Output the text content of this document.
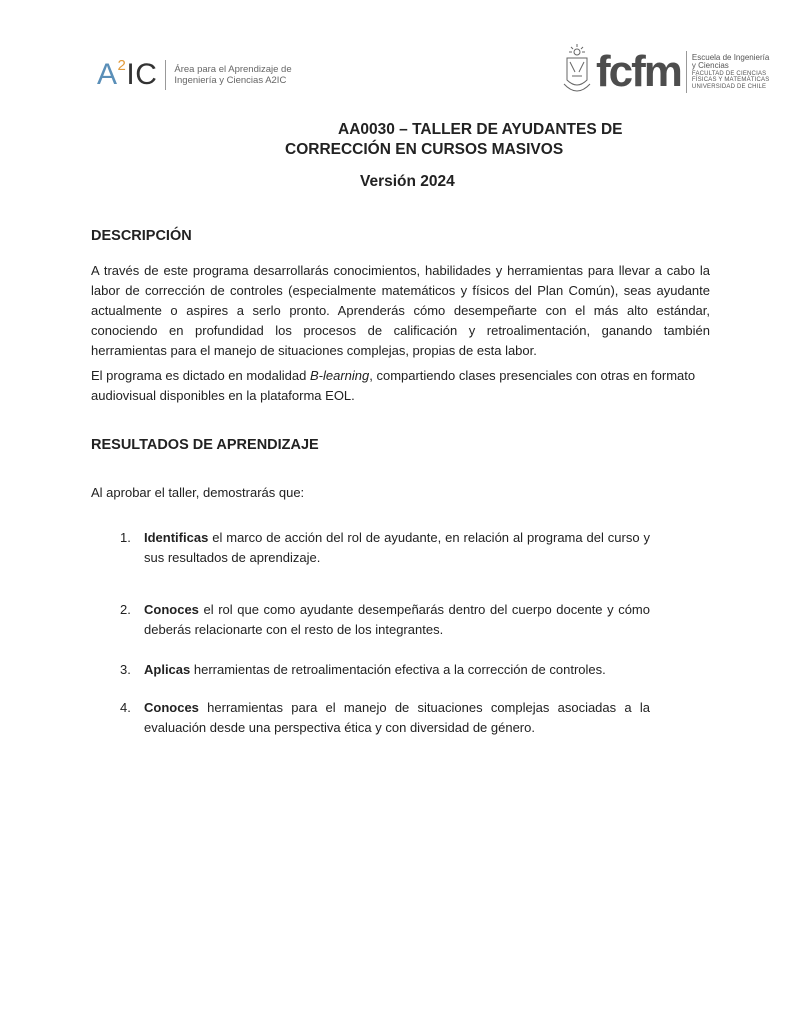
$A^2IC$ Área para el Aprendizaje de
Ingeniería y Ciencias A2IC	fcfm Escuela de Ingeniería
y Ciencias
FACULTAD DE CIENCIAS
FÍSICAS Y MATEMÁTICAS
UNIVERSIDAD DE CHILE
AA0030 – TALLER DE AYUDANTES DE
CORRECCIÓN EN CURSOS MASIVOS
Versión 2024
DESCRIPCIÓN
A través de este programa desarrollarás conocimientos, habilidades y herramientas para llevar a cabo la labor de corrección de controles (especialmente matemáticos y físicos del Plan Común), seas ayudante actualmente o aspires a serlo pronto. Aprenderás cómo desempeñarte con el más alto estándar, conociendo en profundidad los procesos de calificación y retroalimentación, ganando también herramientas para el manejo de situaciones complejas, propias de esta labor.
El programa es dictado en modalidad B-learning, compartiendo clases presenciales con otras en formato audiovisual disponibles en la plataforma EOL.
RESULTADOS DE APRENDIZAJE
Al aprobar el taller, demostrarás que:
1. Identificas el marco de acción del rol de ayudante, en relación al programa del curso y sus resultados de aprendizaje.
2. Conoces el rol que como ayudante desempeñarás dentro del cuerpo docente y cómo deberás relacionarte con el resto de los integrantes.
3. Aplicas herramientas de retroalimentación efectiva a la corrección de controles.
4. Conoces herramientas para el manejo de situaciones complejas asociadas a la evaluación desde una perspectiva ética y con diversidad de género.
